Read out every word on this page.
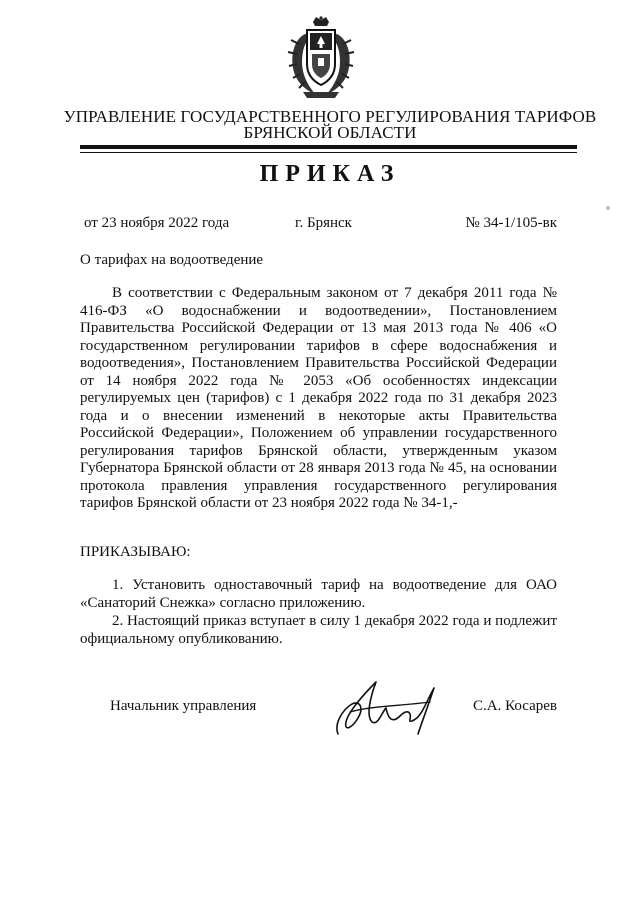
УПРАВЛЕНИЕ ГОСУДАРСТВЕННОГО РЕГУЛИРОВАНИЯ ТАРИФОВ
БРЯНСКОЙ ОБЛАСТИ
ПРИКАЗ
от 23 ноября 2022 года	г. Брянск	№ 34-1/105-вк
О тарифах на водоотведение
В соответствии с Федеральным законом от 7 декабря 2011 года № 416-ФЗ «О водоснабжении и водоотведении», Постановлением Правительства Российской Федерации от 13 мая 2013 года № 406 «О государственном регулировании тарифов в сфере водоснабжения и водоотведения», Постановлением Правительства Российской Федерации от 14 ноября 2022 года № 2053 «Об особенностях индексации регулируемых цен (тарифов) с 1 декабря 2022 года по 31 декабря 2023 года и о внесении изменений в некоторые акты Правительства Российской Федерации», Положением об управлении государственного регулирования тарифов Брянской области, утвержденным указом Губернатора Брянской области от 28 января 2013 года № 45, на основании протокола правления управления государственного регулирования тарифов Брянской области от 23 ноября 2022 года № 34-1,-
ПРИКАЗЫВАЮ:
1. Установить одноставочный тариф на водоотведение для ОАО «Санаторий Снежка» согласно приложению.
2. Настоящий приказ вступает в силу 1 декабря 2022 года и подлежит официальному опубликованию.
Начальник управления	С.А. Косарев
